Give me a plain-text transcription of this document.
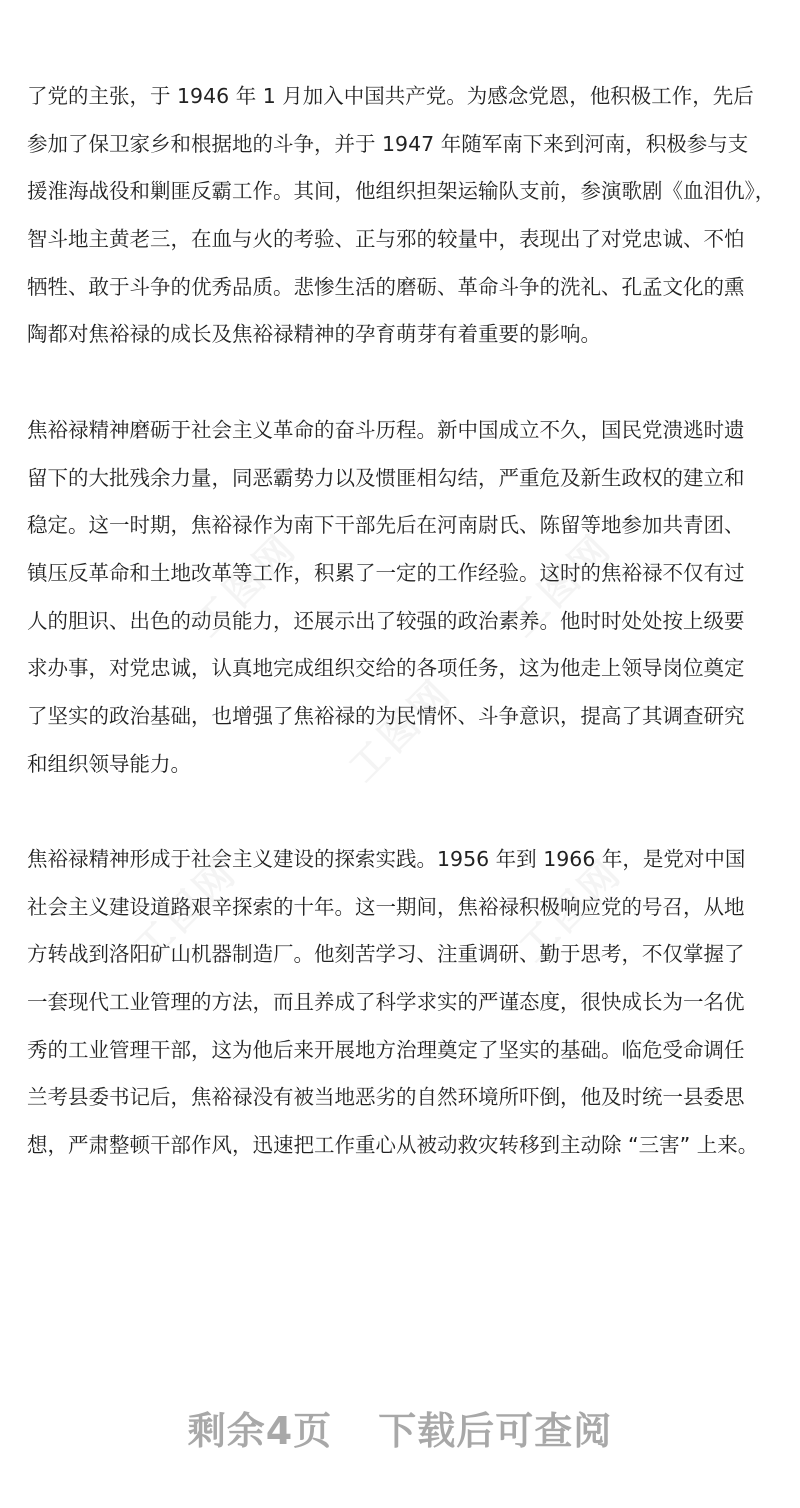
工图网	工图网
工图网
工图网	工图网
了党的主张，于 1946 年 1 月加入中国共产党。为感念党恩，他积极工作，先后
参加了保卫家乡和根据地的斗争，并于 1947 年随军南下来到河南，积极参与支
援淮海战役和剿匪反霸工作。其间，他组织担架运输队支前，参演歌剧《血泪仇》，
智斗地主黄老三，在血与火的考验、正与邪的较量中，表现出了对党忠诚、不怕
牺牲、敢于斗争的优秀品质。悲惨生活的磨砺、革命斗争的洗礼、孔孟文化的熏
陶都对焦裕禄的成长及焦裕禄精神的孕育萌芽有着重要的影响。
焦裕禄精神磨砺于社会主义革命的奋斗历程。新中国成立不久，国民党溃逃时遗
留下的大批残余力量，同恶霸势力以及惯匪相勾结，严重危及新生政权的建立和
稳定。这一时期，焦裕禄作为南下干部先后在河南尉氏、陈留等地参加共青团、
镇压反革命和土地改革等工作，积累了一定的工作经验。这时的焦裕禄不仅有过
人的胆识、出色的动员能力，还展示出了较强的政治素养。他时时处处按上级要
求办事，对党忠诚，认真地完成组织交给的各项任务，这为他走上领导岗位奠定
了坚实的政治基础，也增强了焦裕禄的为民情怀、斗争意识，提高了其调查研究
和组织领导能力。
焦裕禄精神形成于社会主义建设的探索实践。1956 年到 1966 年，是党对中国
社会主义建设道路艰辛探索的十年。这一期间，焦裕禄积极响应党的号召，从地
方转战到洛阳矿山机器制造厂。他刻苦学习、注重调研、勤于思考，不仅掌握了
一套现代工业管理的方法，而且养成了科学求实的严谨态度，很快成长为一名优
秀的工业管理干部，这为他后来开展地方治理奠定了坚实的基础。临危受命调任
兰考县委书记后，焦裕禄没有被当地恶劣的自然环境所吓倒，他及时统一县委思
想，严肃整顿干部作风，迅速把工作重心从被动救灾转移到主动除 “三害” 上来。
剩余4页 下载后可查阅
